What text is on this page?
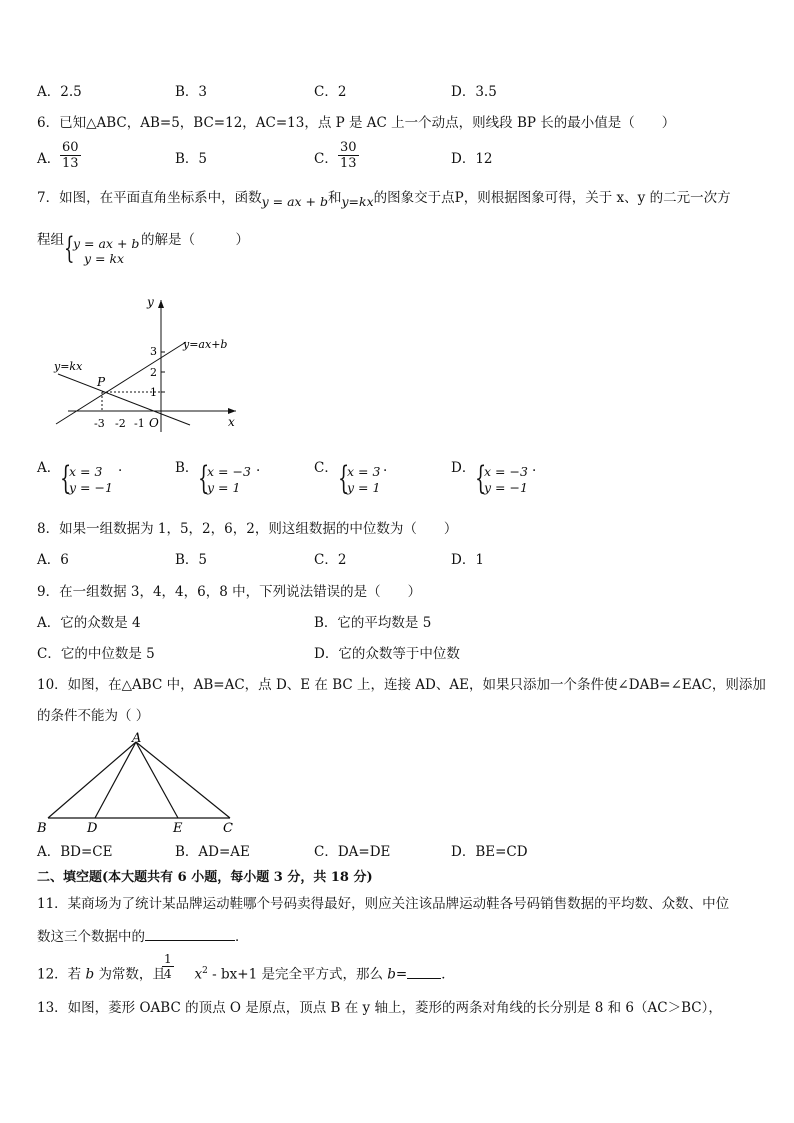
A．2.5	B．3	C．2	D．3.5
6．已知△ABC，AB=5，BC=12，AC=13，点 P 是 AC 上一个动点，则线段 BP 长的最小值是（　　）
A． $\frac{60}{13}$	B．5	C． $\frac{30}{13}$	D．12
7．如图，在平面直角坐标系中，函数y = ax + b和y=kx的图象交于点P，则根据图象可得，关于 x、y 的二元一次方
程组 {
y = ax + b
y = kx
的解是（　　　）
y
x
O
P
y=ax+b
y=kx
3
2
1
-3 -2 -1
A． {
x = 3
y = −1
·	B． {
x = −3
y = 1
·	C． {
x = 3
y = 1
·	D． {
x = −3
y = −1
·
8．如果一组数据为 1，5，2，6，2，则这组数据的中位数为（　　）
A．6	B．5	C．2	D．1
9．在一组数据 3，4，4，6，8 中，下列说法错误的是（　　）
A．它的众数是 4	B．它的平均数是 5
C．它的中位数是 5	D．它的众数等于中位数
10．如图，在△ABC 中，AB=AC，点 D、E 在 BC 上，连接 AD、AE，如果只添加一个条件使∠DAB=∠EAC，则添加
的条件不能为（ ）
A
B	D	E	C
A．BD=CE	B．AD=AE	C．DA=DE	D．BE=CD
二、填空题(本大题共有 6 小题，每小题 3 分，共 18 分)
11．某商场为了统计某品牌运动鞋哪个号码卖得最好，则应关注该品牌运动鞋各号码销售数据的平均数、众数、中位
数这三个数据中的	．
12．若 b 为常数，且 $x^2 - bx+1$ 是完全平方式，那么 b=	．
$\frac{1}{4}$
13．如图，菱形 OABC 的顶点 O 是原点，顶点 B 在 y 轴上，菱形的两条对角线的长分别是 8 和 6（AC＞BC），
